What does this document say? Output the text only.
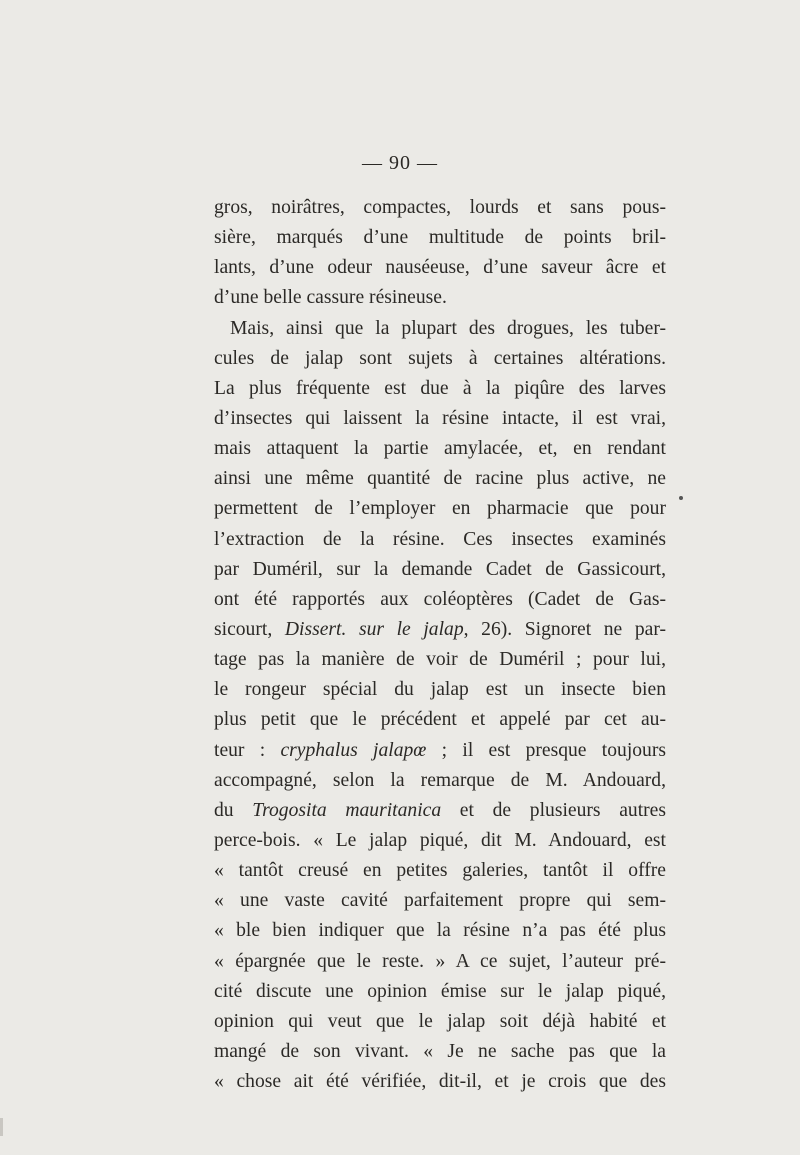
— 90 —
gros, noirâtres, compactes, lourds et sans pous-
sière, marqués d’une multitude de points bril-
lants, d’une odeur nauséeuse, d’une saveur âcre et
d’une belle cassure résineuse.
Mais, ainsi que la plupart des drogues, les tuber-
cules de jalap sont sujets à certaines altérations.
La plus fréquente est due à la piqûre des larves
d’insectes qui laissent la résine intacte, il est vrai,
mais attaquent la partie amylacée, et, en rendant
ainsi une même quantité de racine plus active, ne
permettent de l’employer en pharmacie que pour
l’extraction de la résine. Ces insectes examinés
par Duméril, sur la demande Cadet de Gassicourt,
ont été rapportés aux coléoptères (Cadet de Gas-
sicourt, Dissert. sur le jalap, 26). Signoret ne par-
tage pas la manière de voir de Duméril ; pour lui,
le rongeur spécial du jalap est un insecte bien
plus petit que le précédent et appelé par cet au-
teur : cryphalus jalapœ ; il est presque toujours
accompagné, selon la remarque de M. Andouard,
du Trogosita mauritanica et de plusieurs autres
perce-bois. « Le jalap piqué, dit M. Andouard, est
« tantôt creusé en petites galeries, tantôt il offre
« une vaste cavité parfaitement propre qui sem-
« ble bien indiquer que la résine n’a pas été plus
« épargnée que le reste. » A ce sujet, l’auteur pré-
cité discute une opinion émise sur le jalap piqué,
opinion qui veut que le jalap soit déjà habité et
mangé de son vivant. « Je ne sache pas que la
« chose ait été vérifiée, dit-il, et je crois que des
